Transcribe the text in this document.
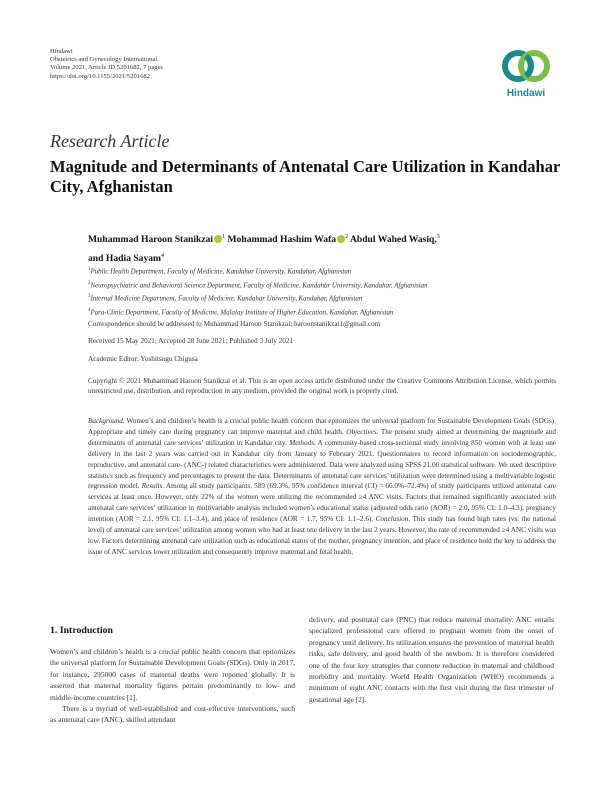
Hindawi
Obstetrics and Gynecology International
Volume 2021, Article ID 5201682, 7 pages
https://doi.org/10.1155/2021/5201682
Hindawi
Research Article
Magnitude and Determinants of Antenatal Care Utilization in Kandahar City, Afghanistan
Muhammad Haroon Stanikzai $^1$ Mohammad Hashim Wafa $^2$ Abdul Wahed Wasiq,$^3$
and Hadia Sayam$^4$
$^1$Public Health Department, Faculty of Medicine, Kandahar University, Kandahar, Afghanistan
$^2$Neuropsychiatric and Behavioral Science Department, Faculty of Medicine, Kandahar University, Kandahar, Afghanistan
$^3$Internal Medicine Department, Faculty of Medicine, Kandahar University, Kandahar, Afghanistan
$^4$Para-Clinic Department, Faculty of Medicine, Malalay Institute of Higher Education, Kandahar, Afghanistan
Correspondence should be addressed to Muhammad Haroon Stanikzai; haroonstanikzai1@gmail.com
Received 15 May 2021; Accepted 28 June 2021; Published 3 July 2021
Academic Editor: Yoshitsugu Chigusa
Copyright © 2021 Muhammad Haroon Stanikzai et al. This is an open access article distributed under the Creative Commons Attribution License, which permits unrestricted use, distribution, and reproduction in any medium, provided the original work is properly cited.
Background. Women’s and children’s health is a crucial public health concern that epitomizes the universal platform for Sustainable Development Goals (SDGs). Appropriate and timely care during pregnancy can improve maternal and child health. Objectives. The present study aimed at determining the magnitude and determinants of antenatal care services’ utilization in Kandahar city. Methods. A community-based cross-sectional study involving 850 women with at least one delivery in the last 2 years was carried out in Kandahar city from January to February 2021. Questionnaires to record information on sociodemographic, reproductive, and antenatal care- (ANC-) related characteristics were administered. Data were analyzed using SPSS 21.00 statistical software. We used descriptive statistics such as frequency and percentages to present the data. Determinants of antenatal care services’ utilization were determined using a multivariable logistic regression model. Results. Among all study participants, 589 (69.3%, 95% confidence interval (CI) = 66.0%–72.4%) of study participants utilized antenatal care services at least once. However, only 22% of the women were utilizing the recommended ≥4 ANC visits. Factors that remained significantly associated with antenatal care services’ utilization in multivariable analysis included women’s educational status (adjusted odds ratio (AOR) = 2.0, 95% CI: 1.0–4.3), pregnancy intention (AOR = 2.1, 95% CI: 1.1–3.4), and place of residence (AOR = 1.7, 95% CI: 1.1–2.6). Conclusion. This study has found high rates (vs. the national level) of antenatal care services’ utilization among women who had at least one delivery in the last 2 years. However, the rate of recommended ≥4 ANC visits was low. Factors determining antenatal care utilization such as educational status of the mother, pregnancy intention, and place of residence hold the key to address the issue of ANC services lower utilization and consequently improve maternal and fetal health.
1. Introduction

Women’s and children’s health is a crucial public health concern that epitomizes the universal platform for Sustainable Development Goals (SDGs). Only in 2017, for instance, 295000 cases of maternal deaths were reported globally. It is asserted that maternal mortality figures pertain predominantly to low- and middle-income countries [1].

There is a myriad of well-established and cost-effective interventions, such as antenatal care (ANC), skilled attendant

delivery, and postnatal care (PNC) that reduce maternal mortality. ANC entails specialized professional care offered to pregnant women from the onset of pregnancy until delivery. Its utilization ensures the prevention of maternal health risks, safe delivery, and good health of the newborn. It is therefore considered one of the four key strategies that connote reduction in maternal and childhood morbidity and mortality. World Health Organization (WHO) recommends a minimum of eight ANC contacts with the first visit during the first trimester of gestational age [2].
